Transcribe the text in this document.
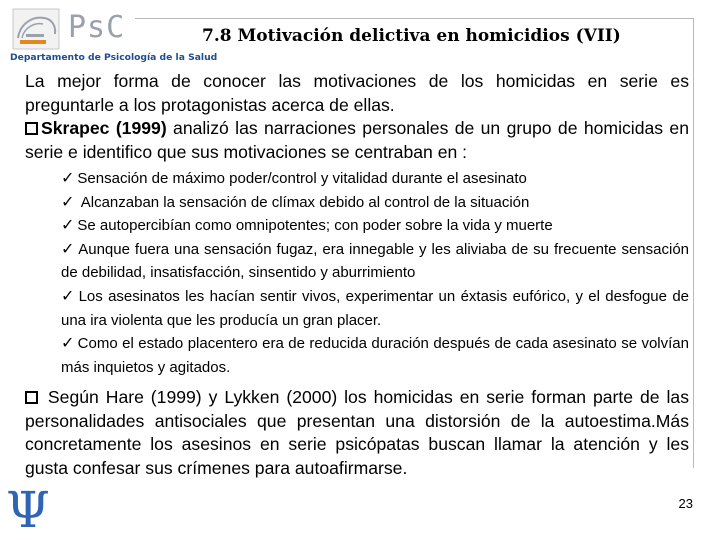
PsC
Departamento de Psicología de la Salud
7.8 Motivación delictiva en homicidios (VII)

La mejor forma de conocer las motivaciones de los homicidas en serie es preguntarle a los protagonistas acerca de ellas.

Skrapec (1999) analizó las narraciones personales de un grupo de homicidas en serie e identifico que sus motivaciones se centraban en :

✓ Sensación de máximo poder/control y vitalidad durante el asesinato
✓ Alcanzaban la sensación de clímax debido al control de la situación
✓ Se autopercibían como omnipotentes; con poder sobre la vida y muerte
✓ Aunque fuera una sensación fugaz, era innegable y les aliviaba de su frecuente sensación de debilidad, insatisfacción, sinsentido y aburrimiento
✓ Los asesinatos les hacían sentir vivos, experimentar un éxtasis eufórico, y el desfogue de una ira violenta que les producía un gran placer.
✓ Como el estado placentero era de reducida duración después de cada asesinato se volvían más inquietos y agitados.

Según Hare (1999) y Lykken (2000) los homicidas en serie forman parte de las personalidades antisociales que presentan una distorsión de la autoestima.Más concretamente los asesinos en serie psicópatas buscan llamar la atención y les gusta confesar sus crímenes para autoafirmarse.

Ψ	23
